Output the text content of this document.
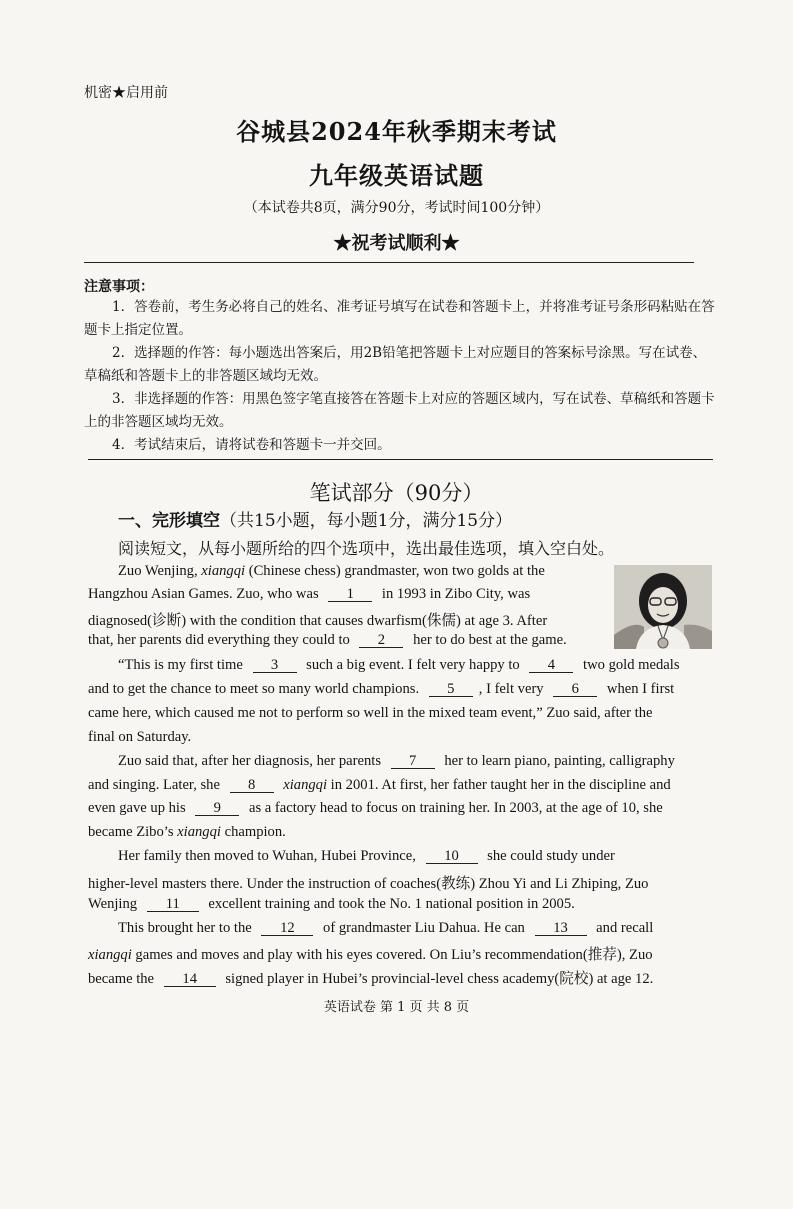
机密★启用前
谷城县2024年秋季期末考试
九年级英语试题
（本试卷共8页，满分90分，考试时间100分钟）
★祝考试顺利★
注意事项：
1．答卷前，考生务必将自己的姓名、准考证号填写在试卷和答题卡上，并将准考证号条形码粘贴在答题卡上指定位置。
2．选择题的作答：每小题选出答案后，用2B铅笔把答题卡上对应题目的答案标号涂黑。写在试卷、草稿纸和答题卡上的非答题区域均无效。
3．非选择题的作答：用黑色签字笔直接答在答题卡上对应的答题区域内，写在试卷、草稿纸和答题卡上的非答题区域均无效。
4．考试结束后，请将试卷和答题卡一并交回。
笔试部分（90分）
一、完形填空（共15小题，每小题1分，满分15分）
阅读短文，从每小题所给的四个选项中，选出最佳选项，填入空白处。
Zuo Wenjing, xiangqi (Chinese chess) grandmaster, won two golds at the
Hangzhou Asian Games. Zuo, who was 1 in 1993 in Zibo City, was
diagnosed(诊断) with the condition that causes dwarfism(侏儒) at age 3. After
that, her parents did everything they could to 2 her to do best at the game.
“This is my first time 3 such a big event. I felt very happy to 4 two gold medals
and to get the chance to meet so many world champions. 5 , I felt very 6 when I first
came here, which caused me not to perform so well in the mixed team event,” Zuo said, after the
final on Saturday.
Zuo said that, after her diagnosis, her parents 7 her to learn piano, painting, calligraphy
and singing. Later, she 8 xiangqi in 2001. At first, her father taught her in the discipline and
even gave up his 9 as a factory head to focus on training her. In 2003, at the age of 10, she
became Zibo’s xiangqi champion.
Her family then moved to Wuhan, Hubei Province, 10 she could study under
higher-level masters there. Under the instruction of coaches(教练) Zhou Yi and Li Zhiping, Zuo
Wenjing 11 excellent training and took the No. 1 national position in 2005.
This brought her to the 12 of grandmaster Liu Dahua. He can 13 and recall
xiangqi games and moves and play with his eyes covered. On Liu’s recommendation(推荐), Zuo
became the 14 signed player in Hubei’s provincial-level chess academy(院校) at age 12.
英语试卷 第 1 页 共 8 页
